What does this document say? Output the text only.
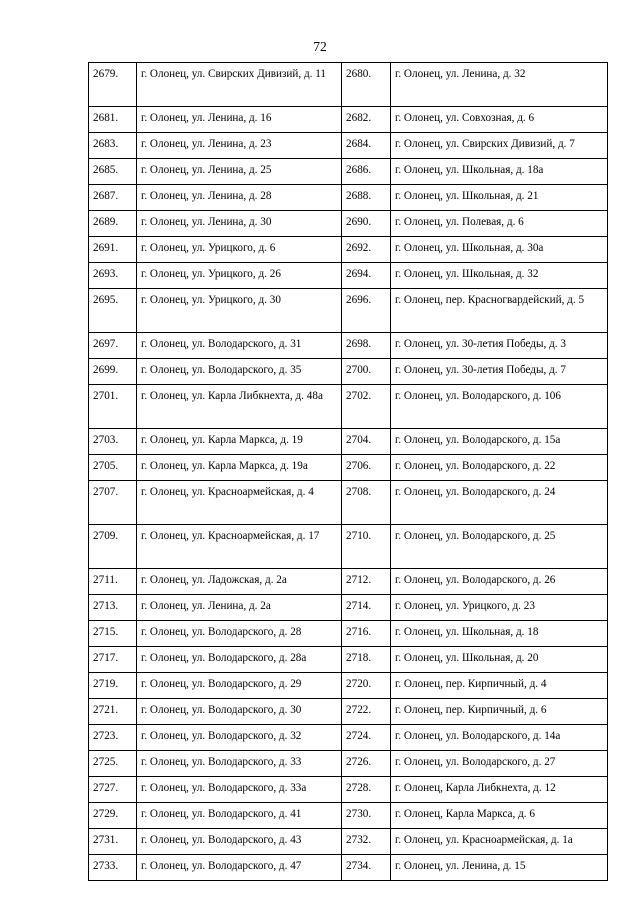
72
2679.	г. Олонец, ул. Свирских Дивизий, д. 11	2680.	г. Олонец, ул. Ленина, д. 32
2681.	г. Олонец, ул. Ленина, д. 16	2682.	г. Олонец, ул. Совхозная, д. 6
2683.	г. Олонец, ул. Ленина, д. 23	2684.	г. Олонец, ул. Свирских Дивизий, д. 7
2685.	г. Олонец, ул. Ленина, д. 25	2686.	г. Олонец, ул. Школьная, д. 18а
2687.	г. Олонец, ул. Ленина, д. 28	2688.	г. Олонец, ул. Школьная, д. 21
2689.	г. Олонец, ул. Ленина, д. 30	2690.	г. Олонец, ул. Полевая, д. 6
2691.	г. Олонец, ул. Урицкого, д. 6	2692.	г. Олонец, ул. Школьная, д. 30а
2693.	г. Олонец, ул. Урицкого, д. 26	2694.	г. Олонец, ул. Школьная, д. 32
2695.	г. Олонец, ул. Урицкого, д. 30	2696.	г. Олонец, пер. Красногвардейский, д. 5
2697.	г. Олонец, ул. Володарского, д. 31	2698.	г. Олонец, ул. 30-летия Победы, д. 3
2699.	г. Олонец, ул. Володарского, д. 35	2700.	г. Олонец, ул. 30-летия Победы, д. 7
2701.	г. Олонец, ул. Карла Либкнехта, д. 48а	2702.	г. Олонец, ул. Володарского, д. 106
2703.	г. Олонец, ул. Карла Маркса, д. 19	2704.	г. Олонец, ул. Володарского, д. 15а
2705.	г. Олонец, ул. Карла Маркса, д. 19а	2706.	г. Олонец, ул. Володарского, д. 22
2707.	г. Олонец, ул. Красноармейская, д. 4	2708.	г. Олонец, ул. Володарского, д. 24
2709.	г. Олонец, ул. Красноармейская, д. 17	2710.	г. Олонец, ул. Володарского, д. 25
2711.	г. Олонец, ул. Ладожская, д. 2а	2712.	г. Олонец, ул. Володарского, д. 26
2713.	г. Олонец, ул. Ленина, д. 2а	2714.	г. Олонец, ул. Урицкого, д. 23
2715.	г. Олонец, ул. Володарского, д. 28	2716.	г. Олонец, ул. Школьная, д. 18
2717.	г. Олонец, ул. Володарского, д. 28а	2718.	г. Олонец, ул. Школьная, д. 20
2719.	г. Олонец, ул. Володарского, д. 29	2720.	г. Олонец, пер. Кирпичный, д. 4
2721.	г. Олонец, ул. Володарского, д. 30	2722.	г. Олонец, пер. Кирпичный, д. 6
2723.	г. Олонец, ул. Володарского, д. 32	2724.	г. Олонец, ул. Володарского, д. 14а
2725.	г. Олонец, ул. Володарского, д. 33	2726.	г. Олонец, ул. Володарского, д. 27
2727.	г. Олонец, ул. Володарского, д. 33а	2728.	г. Олонец, Карла Либкнехта, д. 12
2729.	г. Олонец, ул. Володарского, д. 41	2730.	г. Олонец, Карла Маркса, д. 6
2731.	г. Олонец, ул. Володарского, д. 43	2732.	г. Олонец, ул. Красноармейская, д. 1а
2733.	г. Олонец, ул. Володарского, д. 47	2734.	г. Олонец, ул. Ленина, д. 15
